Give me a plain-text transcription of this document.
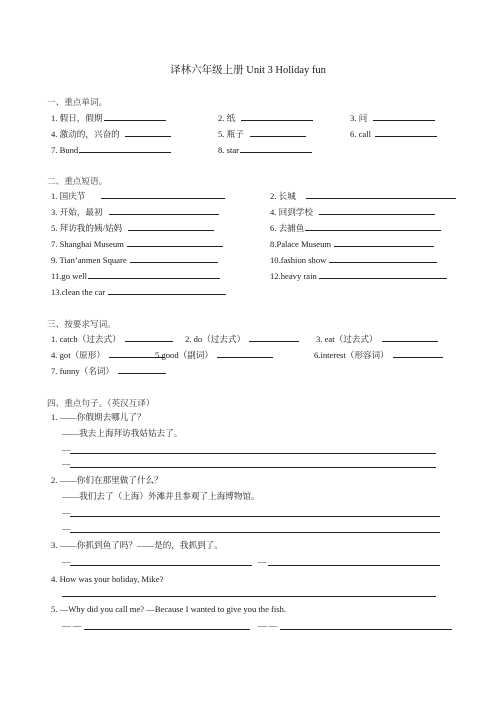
译林六年级上册 Unit 3 Holiday fun
一、重点单词。
1. 假日，假期	2. 纸	3. 问
4. 激动的，兴奋的	5. 瓶子	6. call
7. Bund	8. star
二、重点短语。
1. 国庆节	2. 长城
3. 开始，最初	4. 回到学校
5. 拜访我的姨/姑妈	6. 去捕鱼
7. Shanghai Museum	8.Palace Museum
9. Tian’anmen Square	10.fashion show
11.go well	12.heavy rain
13.clean the car
三、按要求写词。
1. catch（过去式）	2. do（过去式）	3. eat（过去式）
4. got（原形）	5.good（副词）	6.interest（形容词）
7. funny（名词）
四、重点句子。（英汉互译）
1. ——你假期去哪儿了？
——我去上海拜访我姑姑去了。
—
—
2. ——你们在那里做了什么？
——我们去了（上海）外滩并且参观了上海博物馆。
—
—
3. ——你抓到鱼了吗？——是的，我抓到了。
—	—
4. How was your holiday, Mike?
5. —Why did you call me? —Because I wanted to give you the fish.
— —	— —
